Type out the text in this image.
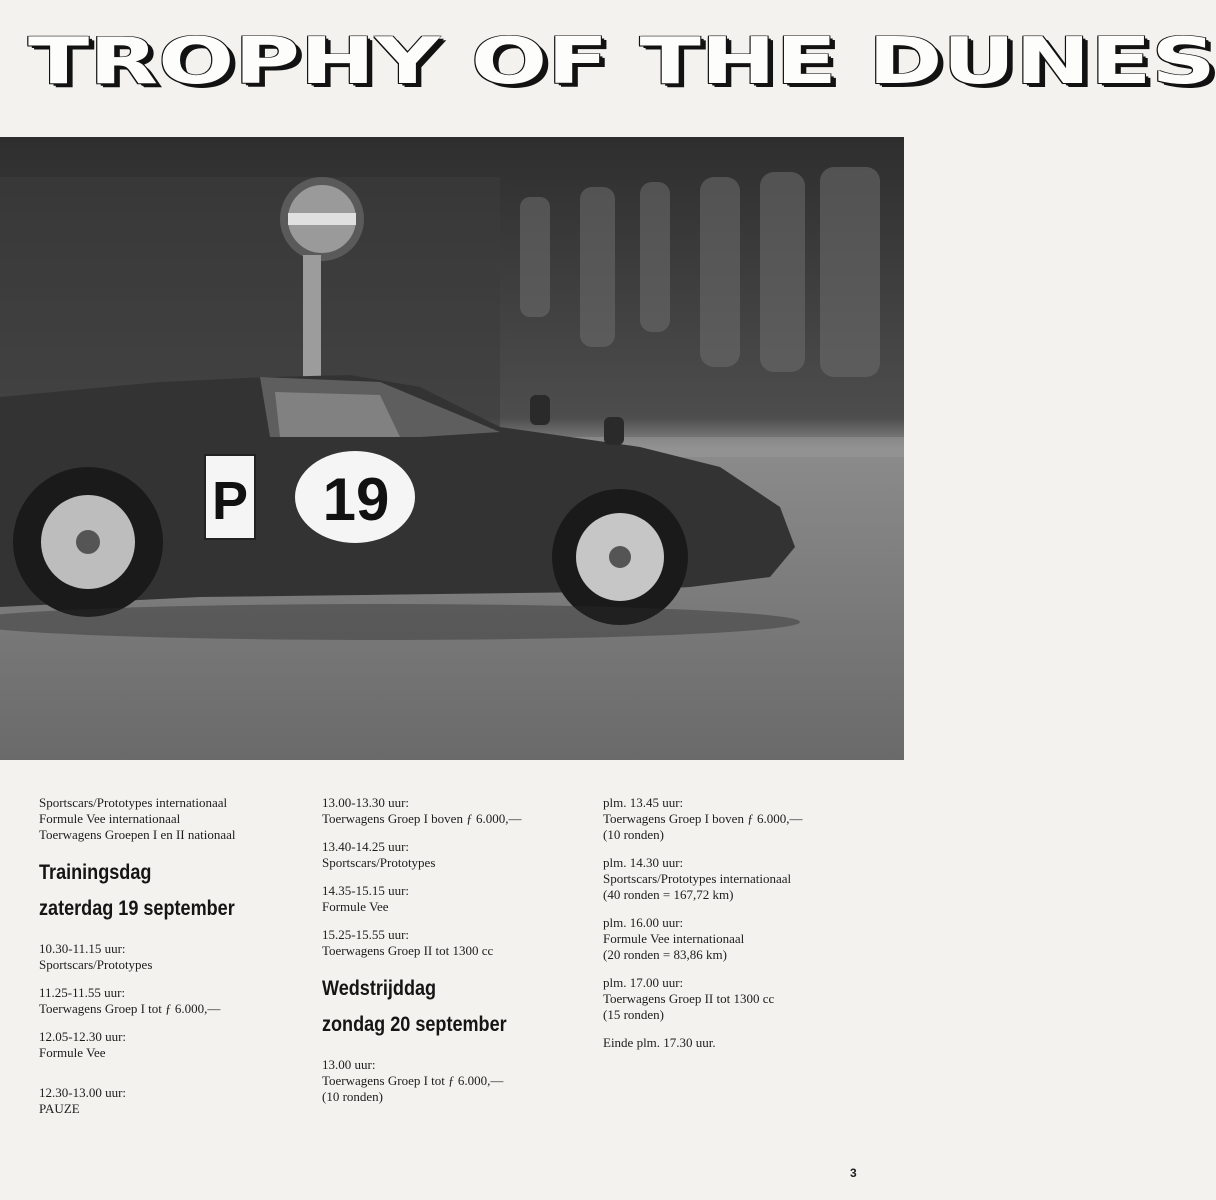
TROPHY OF THE DUNES
P 19
Sportscars/Prototypes internationaal
Formule Vee internationaal
Toerwagens Groepen I en II nationaal
Trainingsdag
zaterdag 19 september
10.30-11.15 uur:
Sportscars/Prototypes
11.25-11.55 uur:
Toerwagens Groep I tot ƒ 6.000,—
12.05-12.30 uur:
Formule Vee
12.30-13.00 uur:
PAUZE
13.00-13.30 uur:
Toerwagens Groep I boven ƒ 6.000,—
13.40-14.25 uur:
Sportscars/Prototypes
14.35-15.15 uur:
Formule Vee
15.25-15.55 uur:
Toerwagens Groep II tot 1300 cc
Wedstrijddag
zondag 20 september
13.00 uur:
Toerwagens Groep I tot ƒ 6.000,—
(10 ronden)
plm. 13.45 uur:
Toerwagens Groep I boven ƒ 6.000,—
(10 ronden)
plm. 14.30 uur:
Sportscars/Prototypes internationaal
(40 ronden = 167,72 km)
plm. 16.00 uur:
Formule Vee internationaal
(20 ronden = 83,86 km)
plm. 17.00 uur:
Toerwagens Groep II tot 1300 cc
(15 ronden)
Einde plm. 17.30 uur.
3
